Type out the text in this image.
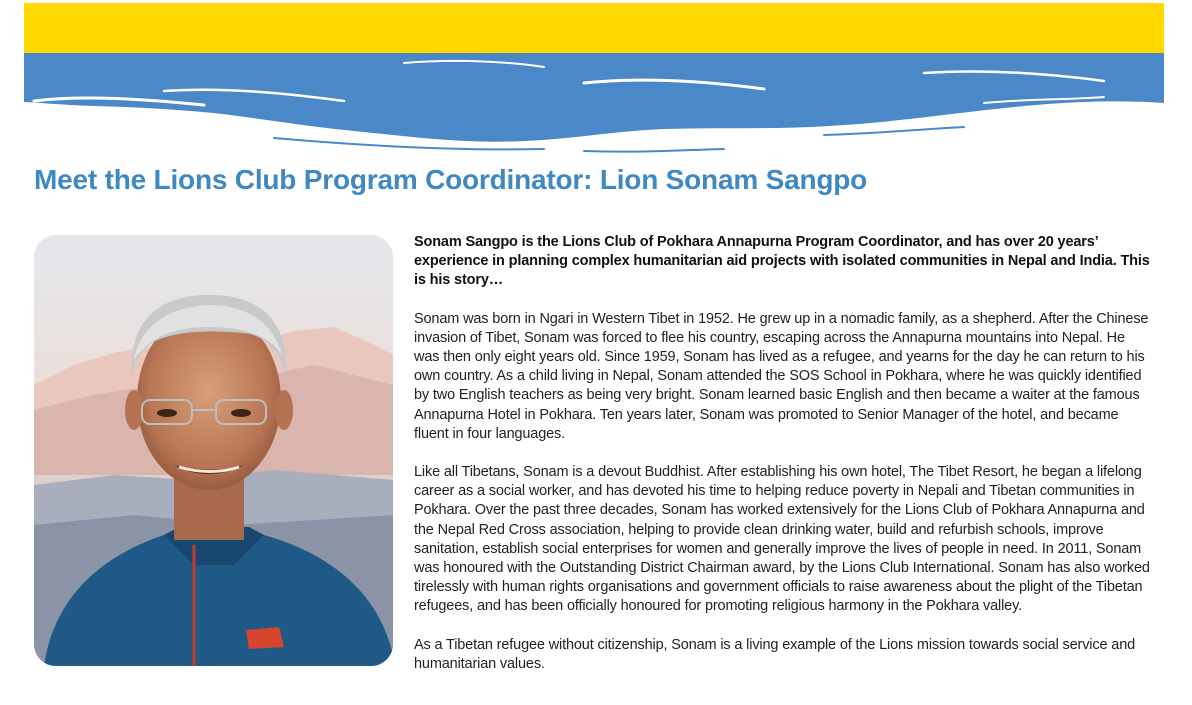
Meet the Lions Club Program Coordinator: Lion Sonam Sangpo

Sonam Sangpo is the Lions Club of Pokhara Annapurna Program Coordinator, and has over 20 years’ experience in planning complex humanitarian aid projects with isolated communities in Nepal and India. This is his story…

Sonam was born in Ngari in Western Tibet in 1952. He grew up in a nomadic family, as a shepherd. After the Chinese invasion of Tibet, Sonam was forced to flee his country, escaping across the Annapurna mountains into Nepal. He was then only eight years old. Since 1959, Sonam has lived as a refugee, and yearns for the day he can return to his own country. As a child living in Nepal, Sonam attended the SOS School in Pokhara, where he was quickly identified by two English teachers as being very bright. Sonam learned basic English and then became a waiter at the famous Annapurna Hotel in Pokhara. Ten years later, Sonam was promoted to Senior Manager of the hotel, and became fluent in four languages.

Like all Tibetans, Sonam is a devout Buddhist. After establishing his own hotel, The Tibet Resort, he began a lifelong career as a social worker, and has devoted his time to helping reduce poverty in Nepali and Tibetan communities in Pokhara. Over the past three decades, Sonam has worked extensively for the Lions Club of Pokhara Annapurna and the Nepal Red Cross association, helping to provide clean drinking water, build and refurbish schools, improve sanitation, establish social enterprises for women and generally improve the lives of people in need. In 2011, Sonam was honoured with the Outstanding District Chairman award, by the Lions Club International. Sonam has also worked tirelessly with human rights organisations and government officials to raise awareness about the plight of the Tibetan refugees, and has been officially honoured for promoting religious harmony in the Pokhara valley.

As a Tibetan refugee without citizenship, Sonam is a living example of the Lions mission towards social service and humanitarian values.
